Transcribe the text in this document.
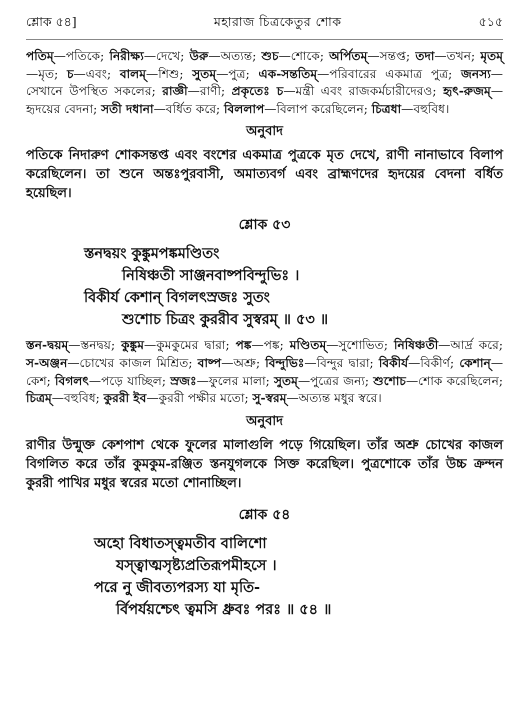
শ্লোক ৫৪]	মহারাজ চিত্রকেতুর শোক	৫১৫

পতিম্—পতিকে; নিরীক্ষ্য—দেখে; উরু—অত্যন্ত; শুচ—শোকে; অর্পিতম্—সন্তপ্ত; তদা—তখন; মৃতম্—মৃত; চ—এবং; বালম্—শিশু; সুতম্—পুত্র; এক-সন্ততিম্—পরিবারের একমাত্র পুত্র; জনস্য—সেখানে উপস্থিত সকলের; রাজ্ঞী—রাণী; প্রকৃতেঃ চ—মন্ত্রী এবং রাজকর্মচারীদেরও; হৃৎ-রুজম্—হৃদয়ের বেদনা; সতী দধানা—বর্ধিত করে; বিললাপ—বিলাপ করেছিলেন; চিত্রধা—বহুবিধ।

অনুবাদ

পতিকে নিদারুণ শোকসন্তপ্ত এবং বংশের একমাত্র পুত্রকে মৃত দেখে, রাণী নানাভাবে বিলাপ করেছিলেন। তা শুনে অন্তঃপুরবাসী, অমাত্যবর্গ এবং ব্রাহ্মণদের হৃদয়ের বেদনা বর্ধিত হয়েছিল।

শ্লোক ৫৩
স্তনদ্বয়ং কুঙ্কুমপঙ্কমণ্ডিতং
নিষিঞ্চতী সাঞ্জনবাষ্পবিন্দুভিঃ ।
বিকীর্য কেশান্ বিগলৎস্রজঃ সুতং
শুশোচ চিত্রং কুররীব সুস্বরম্ ॥ ৫৩ ॥

স্তন-দ্বয়ম্—স্তনদ্বয়; কুঙ্কুম—কুমকুমের দ্বারা; পঙ্ক—পঙ্ক; মণ্ডিতম্—সুশোভিত; নিষিঞ্চতী—আর্দ্র করে; স-অঞ্জন—চোখের কাজল মিশ্রিত; বাষ্প—অশ্রু; বিন্দুভিঃ—বিন্দুর দ্বারা; বিকীর্য—বিকীর্ণ; কেশান্—কেশ; বিগলৎ—পড়ে যাচ্ছিল; স্রজঃ—ফুলের মালা; সুতম্—পুত্রের জন্য; শুশোচ—শোক করেছিলেন; চিত্রম্—বহুবিধ; কুররী ইব—কুররী পক্ষীর মতো; সু-স্বরম্—অত্যন্ত মধুর স্বরে।

অনুবাদ

রাণীর উন্মুক্ত কেশপাশ থেকে ফুলের মালাগুলি পড়ে গিয়েছিল। তাঁর অশ্রু চোখের কাজল বিগলিত করে তাঁর কুমকুম-রঞ্জিত স্তনযুগলকে সিক্ত করেছিল। পুত্রশোকে তাঁর উচ্চ ক্রন্দন কুররী পাখির মধুর স্বরের মতো শোনাচ্ছিল।

শ্লোক ৫৪
অহো বিধাতস্ত্বমতীব বালিশো
যস্ত্বাত্মসৃষ্ট্যপ্রতিরূপমীহসে ।
পরে নু জীবত্যপরস্য যা মৃতি-
র্বিপর্যয়শ্চেৎ ত্বমসি ধ্রুবঃ পরঃ ॥ ৫৪ ॥
